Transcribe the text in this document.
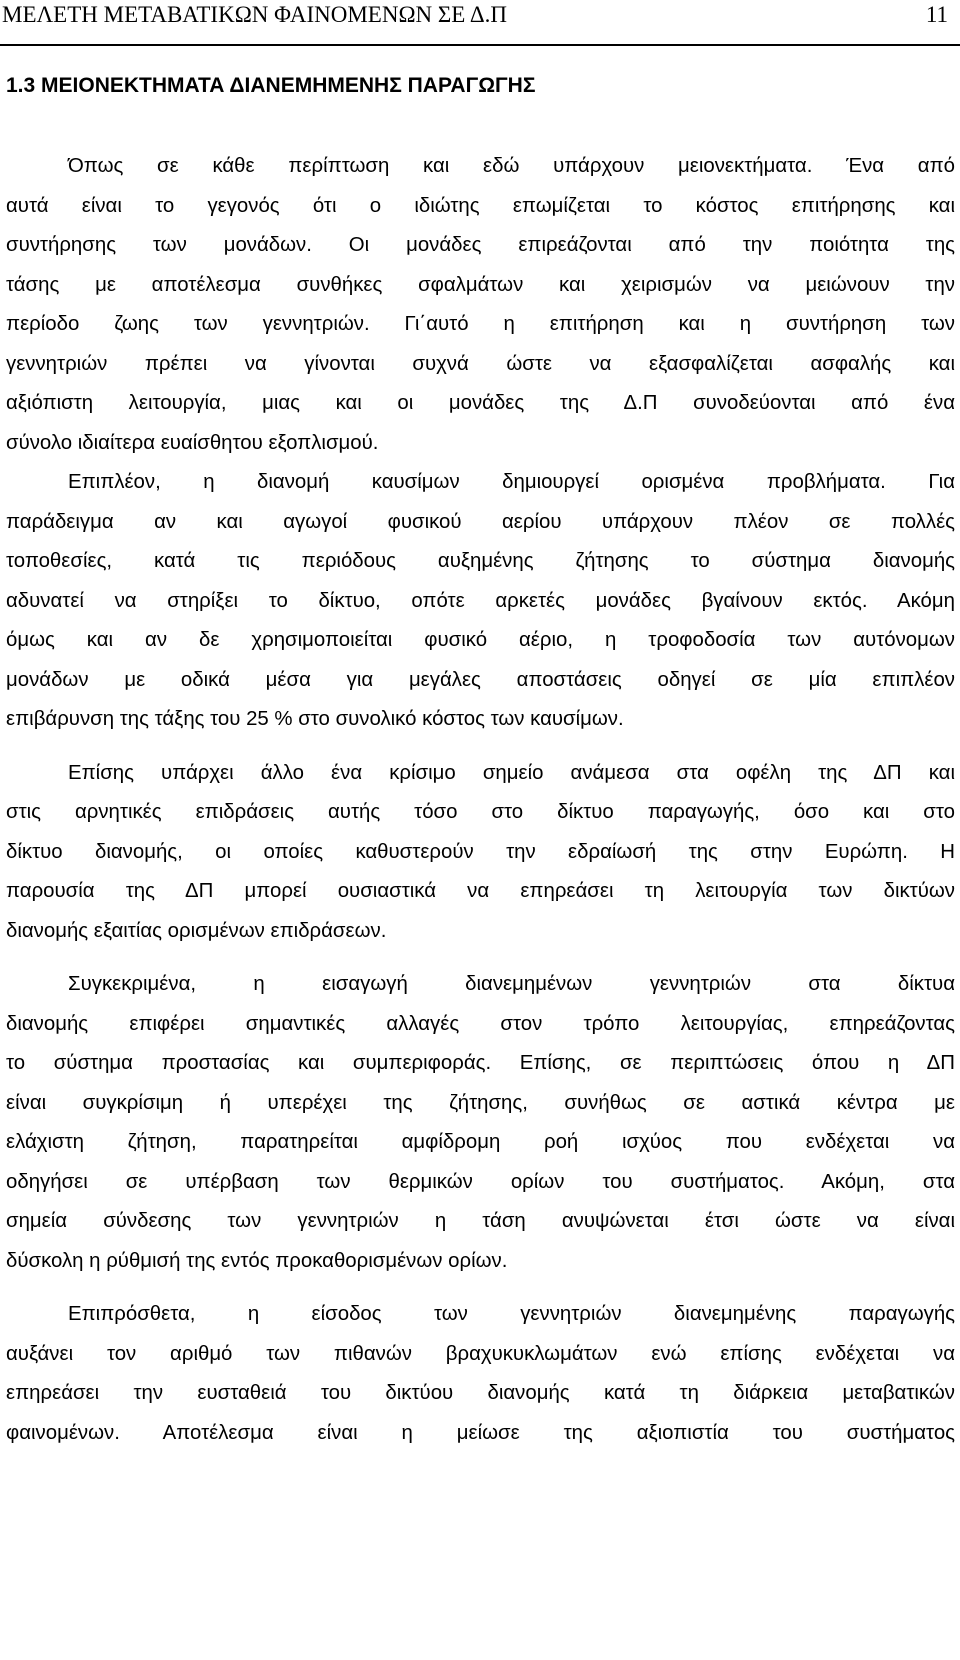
ΜΕΛΕΤΗ ΜΕΤΑΒΑΤΙΚΩΝ ΦΑΙΝΟΜΕΝΩΝ ΣΕ Δ.Π	11
1.3 ΜΕΙΟΝΕΚΤΗΜΑΤΑ ΔΙΑΝΕΜΗΜΕΝΗΣ ΠΑΡΑΓΩΓΗΣ

Όπως σε κάθε περίπτωση και εδώ υπάρχουν μειονεκτήματα. Ένα από
αυτά είναι το γεγονός ότι ο ιδιώτης επωμίζεται το κόστος επιτήρησης και
συντήρησης των μονάδων. Οι μονάδες επιρεάζονται από την ποιότητα της
τάσης με αποτέλεσμα συνθήκες σφαλμάτων και χειρισμών να μειώνουν την
περίοδο ζωης των γεννητριών. Γι΄αυτό η επιτήρηση και η συντήρηση των
γεννητριών πρέπει να γίνονται συχνά ώστε να εξασφαλίζεται ασφαλής και
αξιόπιστη λειτουργία, μιας και οι μονάδες της Δ.Π συνοδεύονται από ένα
σύνολο ιδιαίτερα ευαίσθητου εξοπλισμού.

Επιπλέον, η διανομή καυσίμων δημιουργεί ορισμένα προβλήματα. Για
παράδειγμα αν και αγωγοί φυσικού αερίου υπάρχουν πλέον σε πολλές
τοποθεσίες, κατά τις περιόδους αυξημένης ζήτησης το σύστημα διανομής
αδυνατεί να στηρίξει το δίκτυο, οπότε αρκετές μονάδες βγαίνουν εκτός. Ακόμη
όμως και αν δε χρησιμοποιείται φυσικό αέριο, η τροφοδοσία των αυτόνομων
μονάδων με οδικά μέσα για μεγάλες αποστάσεις οδηγεί σε μία επιπλέον
επιβάρυνση της τάξης του 25 % στο συνολικό κόστος των καυσίμων.

Επίσης υπάρχει άλλο ένα κρίσιμο σημείο ανάμεσα στα οφέλη της ΔΠ και
στις αρνητικές επιδράσεις αυτής τόσο στο δίκτυο παραγωγής, όσο και στο
δίκτυο διανομής, οι οποίες καθυστερούν την εδραίωσή της στην Ευρώπη. Η
παρουσία της ΔΠ μπορεί ουσιαστικά να επηρεάσει τη λειτουργία των δικτύων
διανομής εξαιτίας ορισμένων επιδράσεων.

Συγκεκριμένα, η εισαγωγή διανεμημένων γεννητριών στα δίκτυα
διανομής επιφέρει σημαντικές αλλαγές στον τρόπο λειτουργίας, επηρεάζοντας
το σύστημα προστασίας και συμπεριφοράς. Επίσης, σε περιπτώσεις όπου η ΔΠ
είναι συγκρίσιμη ή υπερέχει της ζήτησης, συνήθως σε αστικά κέντρα με
ελάχιστη ζήτηση, παρατηρείται αμφίδρομη ροή ισχύος που ενδέχεται να
οδηγήσει σε υπέρβαση των θερμικών ορίων του συστήματος. Ακόμη, στα
σημεία σύνδεσης των γεννητριών η τάση ανυψώνεται έτσι ώστε να είναι
δύσκολη η ρύθμισή της εντός προκαθορισμένων ορίων.

Επιπρόσθετα, η είσοδος των γεννητριών διανεμημένης παραγωγής
αυξάνει τον αριθμό των πιθανών βραχυκυκλωμάτων ενώ επίσης ενδέχεται να
επηρεάσει την ευσταθειά του δικτύου διανομής κατά τη διάρκεια μεταβατικών
φαινομένων. Αποτέλεσμα είναι η μείωσε της αξιοπιστία του συστήματος
